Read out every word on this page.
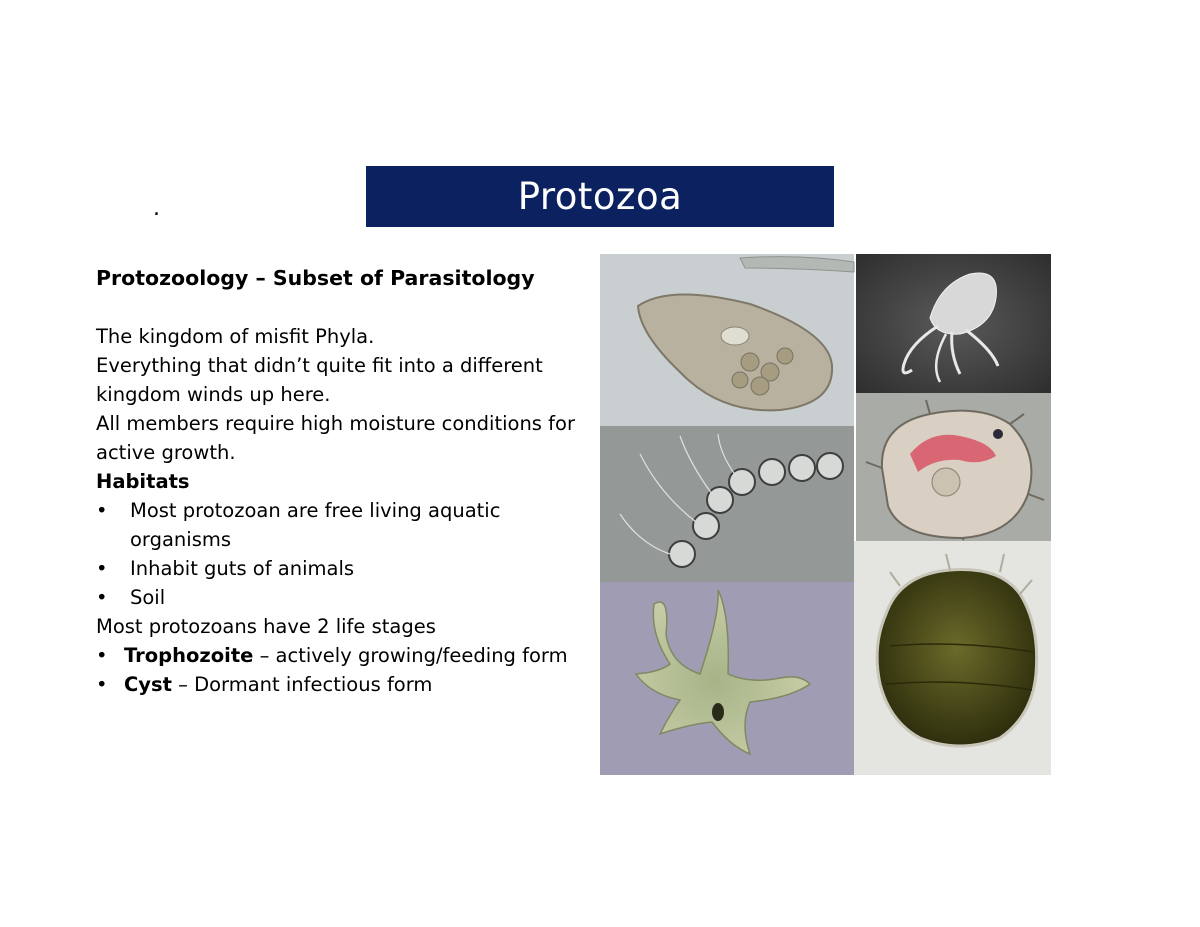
.	Protozoa
Protozoology – Subset of Parasitology
The kingdom of misfit Phyla.
Everything that didn’t quite fit into a different
kingdom winds up here.
All members require high moisture conditions for
active growth.
Habitats
•	Most protozoan are free living aquatic
organisms
•	Inhabit guts of animals
•	Soil
Most protozoans have 2 life stages
• Trophozoite – actively growing/feeding form
• Cyst – Dormant infectious form
